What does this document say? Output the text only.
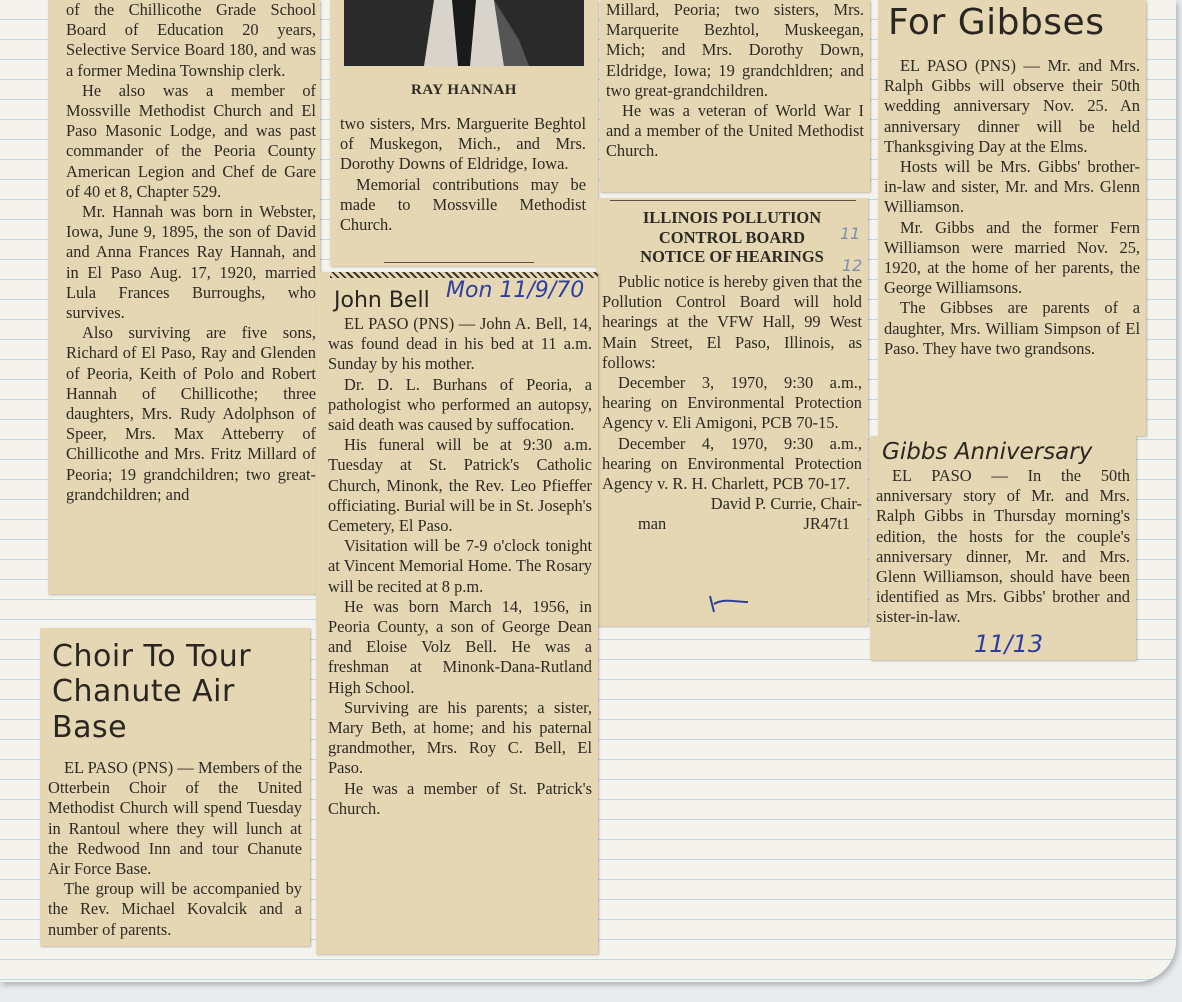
of the Chillicothe Grade School Board of Education 20 years, Selective Service Board 180, and was a former Medina Township clerk.

He also was a member of Mossville Methodist Church and El Paso Masonic Lodge, and was past commander of the Peoria County American Legion and Chef de Gare of 40 et 8, Chapter 529.

Mr. Hannah was born in Webster, Iowa, June 9, 1895, the son of David and Anna Frances Ray Hannah, and in El Paso Aug. 17, 1920, married Lula Frances Burroughs, who survives.

Also surviving are five sons, Richard of El Paso, Ray and Glenden of Peoria, Keith of Polo and Robert Hannah of Chillicothe; three daughters, Mrs. Rudy Adolphson of Speer, Mrs. Max Atteberry of Chillicothe and Mrs. Fritz Millard of Peoria; 19 grandchildren; two great-grandchildren; and

RAY HANNAH

two sisters, Mrs. Marguerite Beghtol of Muskegon, Mich., and Mrs. Dorothy Downs of Eldridge, Iowa.

Memorial contributions may be made to Mossville Methodist Church.

Millard, Peoria; two sisters, Mrs. Marquerite Bezhtol, Muskeegan, Mich; and Mrs. Dorothy Down, Eldridge, Iowa; 19 grandchldren; and two great-grandchildren.

He was a veteran of World War I and a member of the United Methodist Church.

For Gibbses

EL PASO (PNS) — Mr. and Mrs. Ralph Gibbs will observe their 50th wedding anniversary Nov. 25. An anniversary dinner will be held Thanksgiving Day at the Elms.

Hosts will be Mrs. Gibbs' brother-in-law and sister, Mr. and Mrs. Glenn Williamson.

Mr. Gibbs and the former Fern Williamson were married Nov. 25, 1920, at the home of her parents, the George Williamsons.

The Gibbses are parents of a daughter, Mrs. William Simpson of El Paso. They have two grandsons.

Gibbs Anniversary

EL PASO — In the 50th anniversary story of Mr. and Mrs. Ralph Gibbs in Thursday morning's edition, the hosts for the couple's anniversary dinner, Mr. and Mrs. Glenn Williamson, should have been identified as Mrs. Gibbs' brother and sister-in-law.

11/13
ILLINOIS POLLUTION
CONTROL BOARD
NOTICE OF HEARINGS

Public notice is hereby given that the Pollution Control Board will hold hearings at the VFW Hall, 99 West Main Street, El Paso, Illinois, as follows:

December 3, 1970, 9:30 a.m., hearing on Environmental Protection Agency v. Eli Amigoni, PCB 70-15.

December 4, 1970, 9:30 a.m., hearing on Environmental Protection Agency v. R. H. Charlett, PCB 70-17.

David P. Currie, Chair-
man	JR47t1
11
12
John Bell Mon 11/9/70

EL PASO (PNS) — John A. Bell, 14, was found dead in his bed at 11 a.m. Sunday by his mother.

Dr. D. L. Burhans of Peoria, a pathologist who performed an autopsy, said death was caused by suffocation.

His funeral will be at 9:30 a.m. Tuesday at St. Patrick's Catholic Church, Minonk, the Rev. Leo Pfieffer officiating. Burial will be in St. Joseph's Cemetery, El Paso.

Visitation will be 7-9 o'clock tonight at Vincent Memorial Home. The Rosary will be recited at 8 p.m.

He was born March 14, 1956, in Peoria County, a son of George Dean and Eloise Volz Bell. He was a freshman at Minonk-Dana-Rutland High School.

Surviving are his parents; a sister, Mary Beth, at home; and his paternal grandmother, Mrs. Roy C. Bell, El Paso.

He was a member of St. Patrick's Church.

Choir To Tour
Chanute Air Base

EL PASO (PNS) — Members of the Otterbein Choir of the United Methodist Church will spend Tuesday in Rantoul where they will lunch at the Redwood Inn and tour Chanute Air Force Base.

The group will be accompanied by the Rev. Michael Kovalcik and a number of parents.
